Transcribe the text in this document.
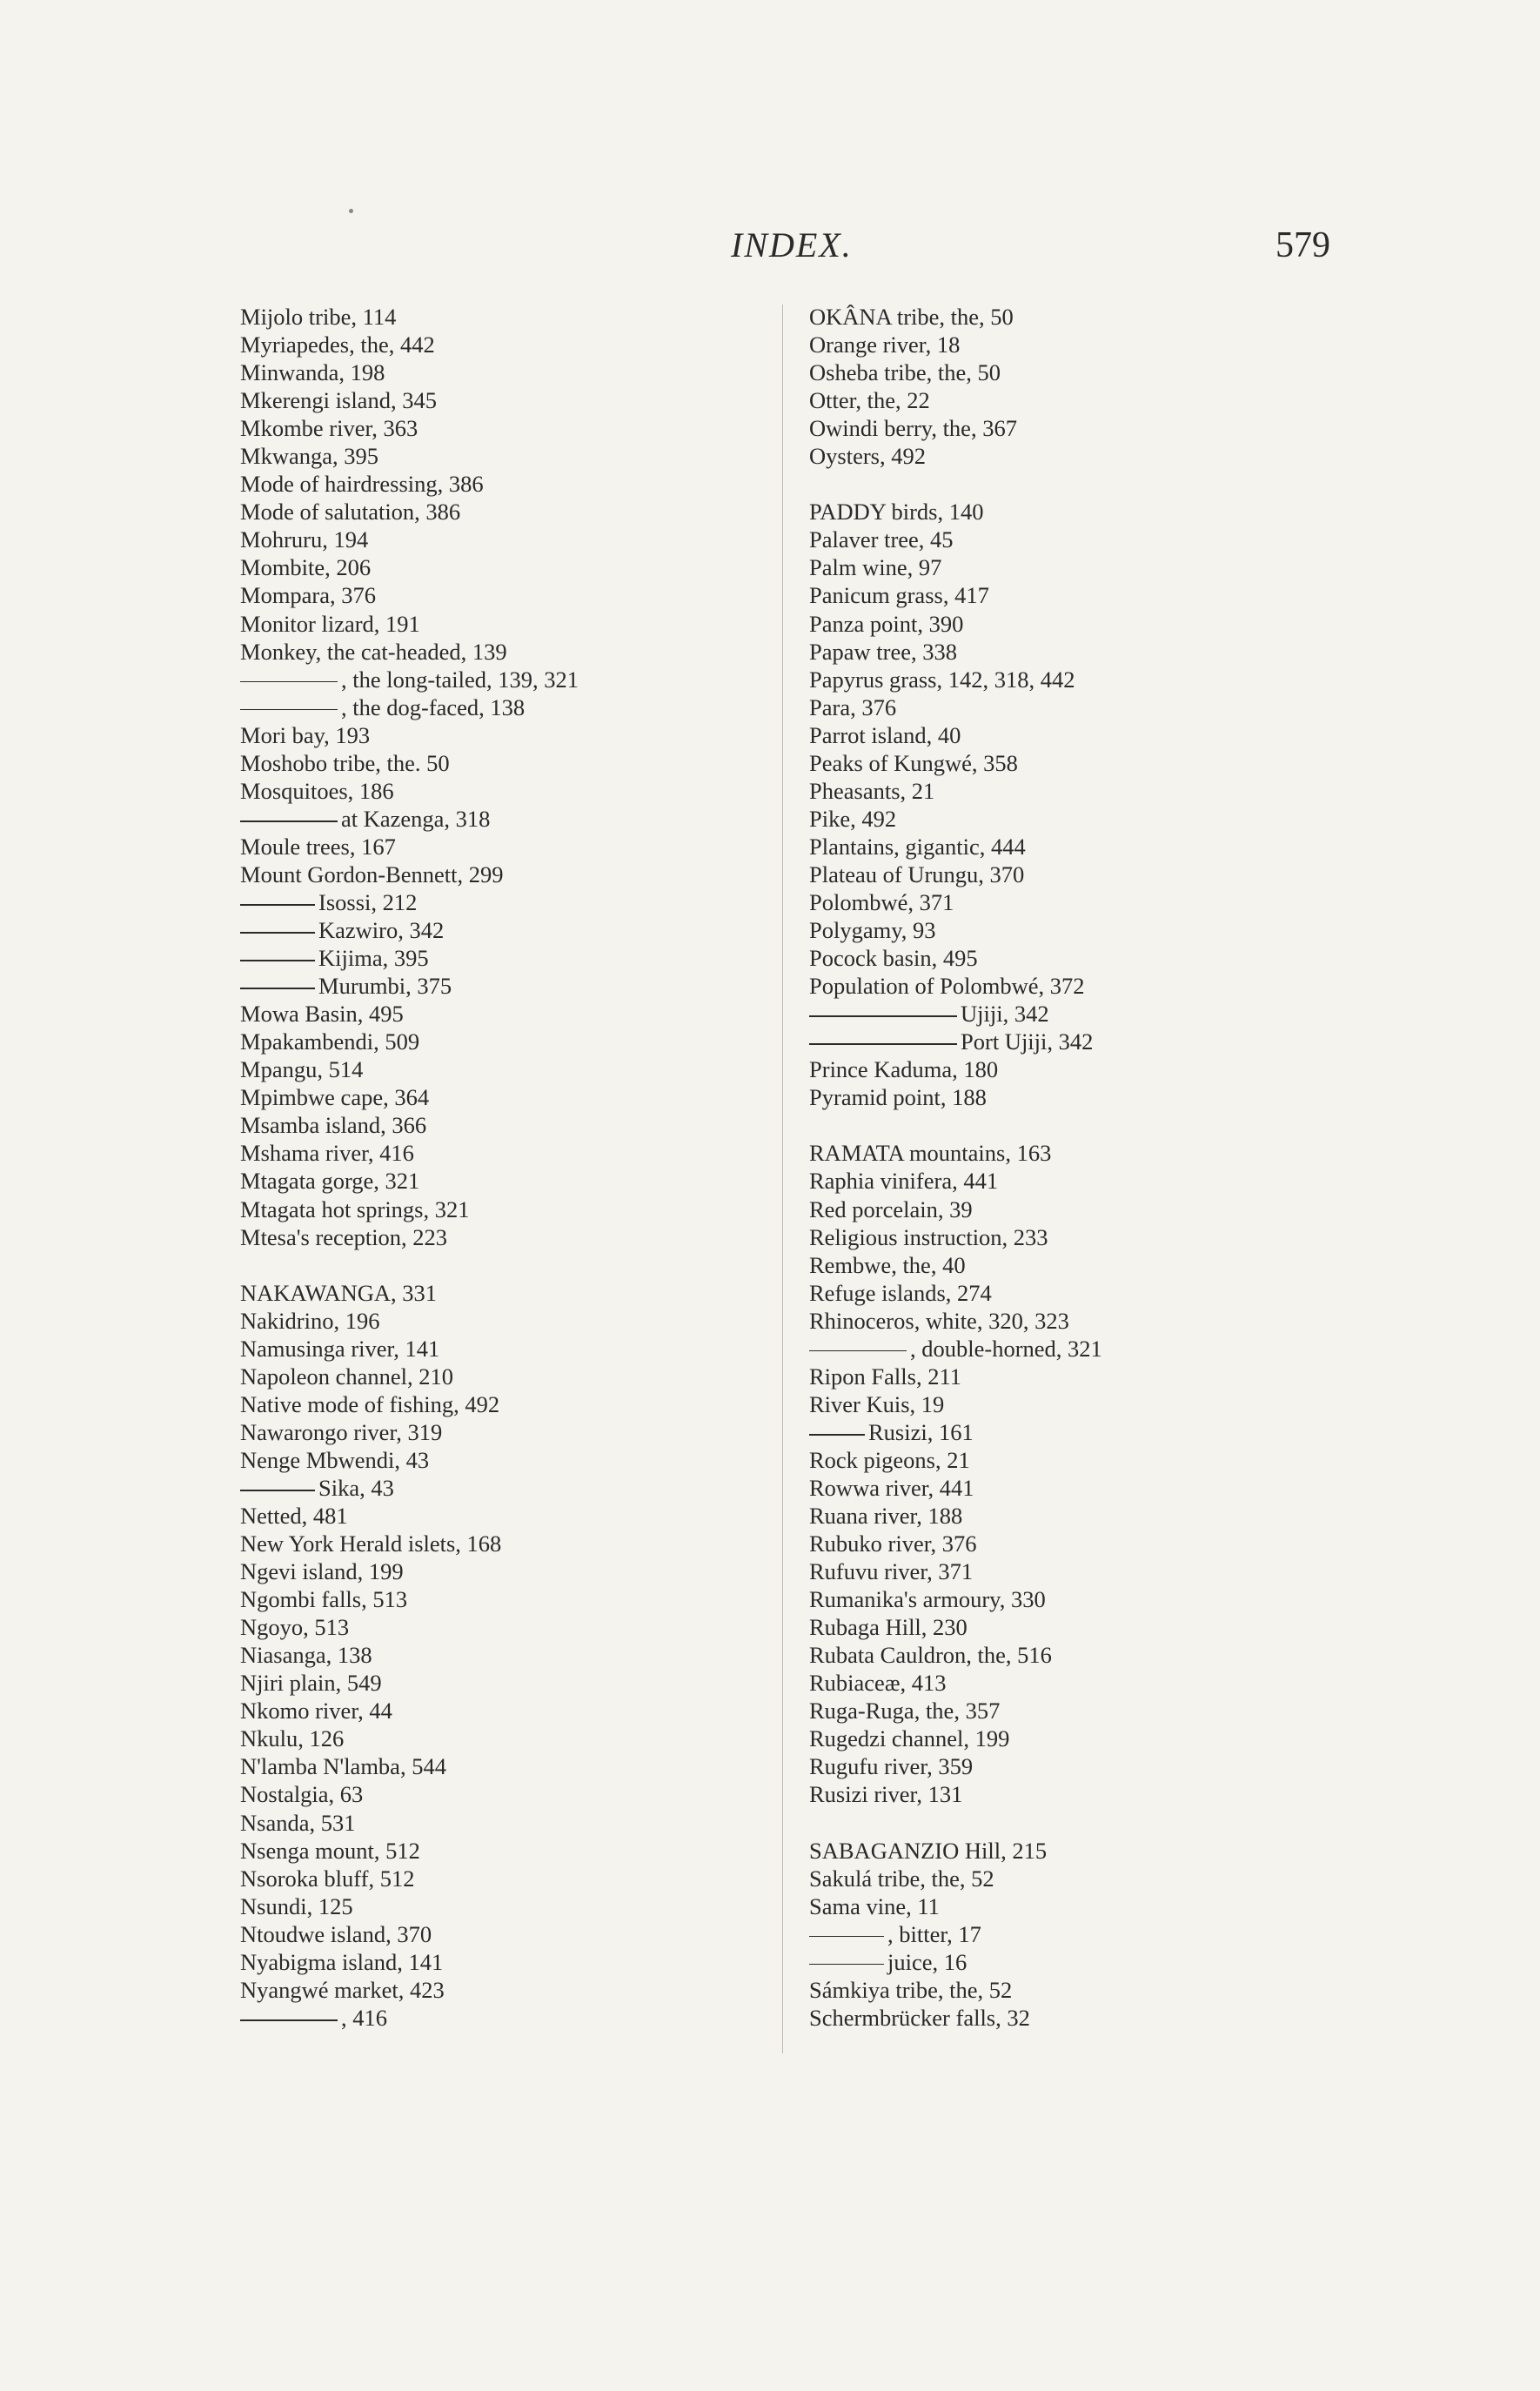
INDEX.	579
Mijolo tribe, 114
Myriapedes, the, 442
Minwanda, 198
Mkerengi island, 345
Mkombe river, 363
Mkwanga, 395
Mode of hairdressing, 386
Mode of salutation, 386
Mohruru, 194
Mombite, 206
Mompara, 376
Monitor lizard, 191
Monkey, the cat-headed, 139
, the long-tailed, 139, 321
, the dog-faced, 138
Mori bay, 193
Moshobo tribe, the. 50
Mosquitoes, 186
at Kazenga, 318
Moule trees, 167
Mount Gordon-Bennett, 299
Isossi, 212
Kazwiro, 342
Kijima, 395
Murumbi, 375
Mowa Basin, 495
Mpakambendi, 509
Mpangu, 514
Mpimbwe cape, 364
Msamba island, 366
Mshama river, 416
Mtagata gorge, 321
Mtagata hot springs, 321
Mtesa's reception, 223
NAKAWANGA, 331
Nakidrino, 196
Namusinga river, 141
Napoleon channel, 210
Native mode of fishing, 492
Nawarongo river, 319
Nenge Mbwendi, 43
Sika, 43
Netted, 481
New York Herald islets, 168
Ngevi island, 199
Ngombi falls, 513
Ngoyo, 513
Niasanga, 138
Njiri plain, 549
Nkomo river, 44
Nkulu, 126
N'lamba N'lamba, 544
Nostalgia, 63
Nsanda, 531
Nsenga mount, 512
Nsoroka bluff, 512
Nsundi, 125
Ntoudwe island, 370
Nyabigma island, 141
Nyangwé market, 423
, 416
OKÂNA tribe, the, 50
Orange river, 18
Osheba tribe, the, 50
Otter, the, 22
Owindi berry, the, 367
Oysters, 492
PADDY birds, 140
Palaver tree, 45
Palm wine, 97
Panicum grass, 417
Panza point, 390
Papaw tree, 338
Papyrus grass, 142, 318, 442
Para, 376
Parrot island, 40
Peaks of Kungwé, 358
Pheasants, 21
Pike, 492
Plantains, gigantic, 444
Plateau of Urungu, 370
Polombwé, 371
Polygamy, 93
Pocock basin, 495
Population of Polombwé, 372
Ujiji, 342
Port Ujiji, 342
Prince Kaduma, 180
Pyramid point, 188
RAMATA mountains, 163
Raphia vinifera, 441
Red porcelain, 39
Religious instruction, 233
Rembwe, the, 40
Refuge islands, 274
Rhinoceros, white, 320, 323
, double-horned, 321
Ripon Falls, 211
River Kuis, 19
Rusizi, 161
Rock pigeons, 21
Rowwa river, 441
Ruana river, 188
Rubuko river, 376
Rufuvu river, 371
Rumanika's armoury, 330
Rubaga Hill, 230
Rubata Cauldron, the, 516
Rubiaceæ, 413
Ruga-Ruga, the, 357
Rugedzi channel, 199
Rugufu river, 359
Rusizi river, 131
SABAGANZIO Hill, 215
Sakulá tribe, the, 52
Sama vine, 11
, bitter, 17
juice, 16
Sámkiya tribe, the, 52
Schermbrücker falls, 32
